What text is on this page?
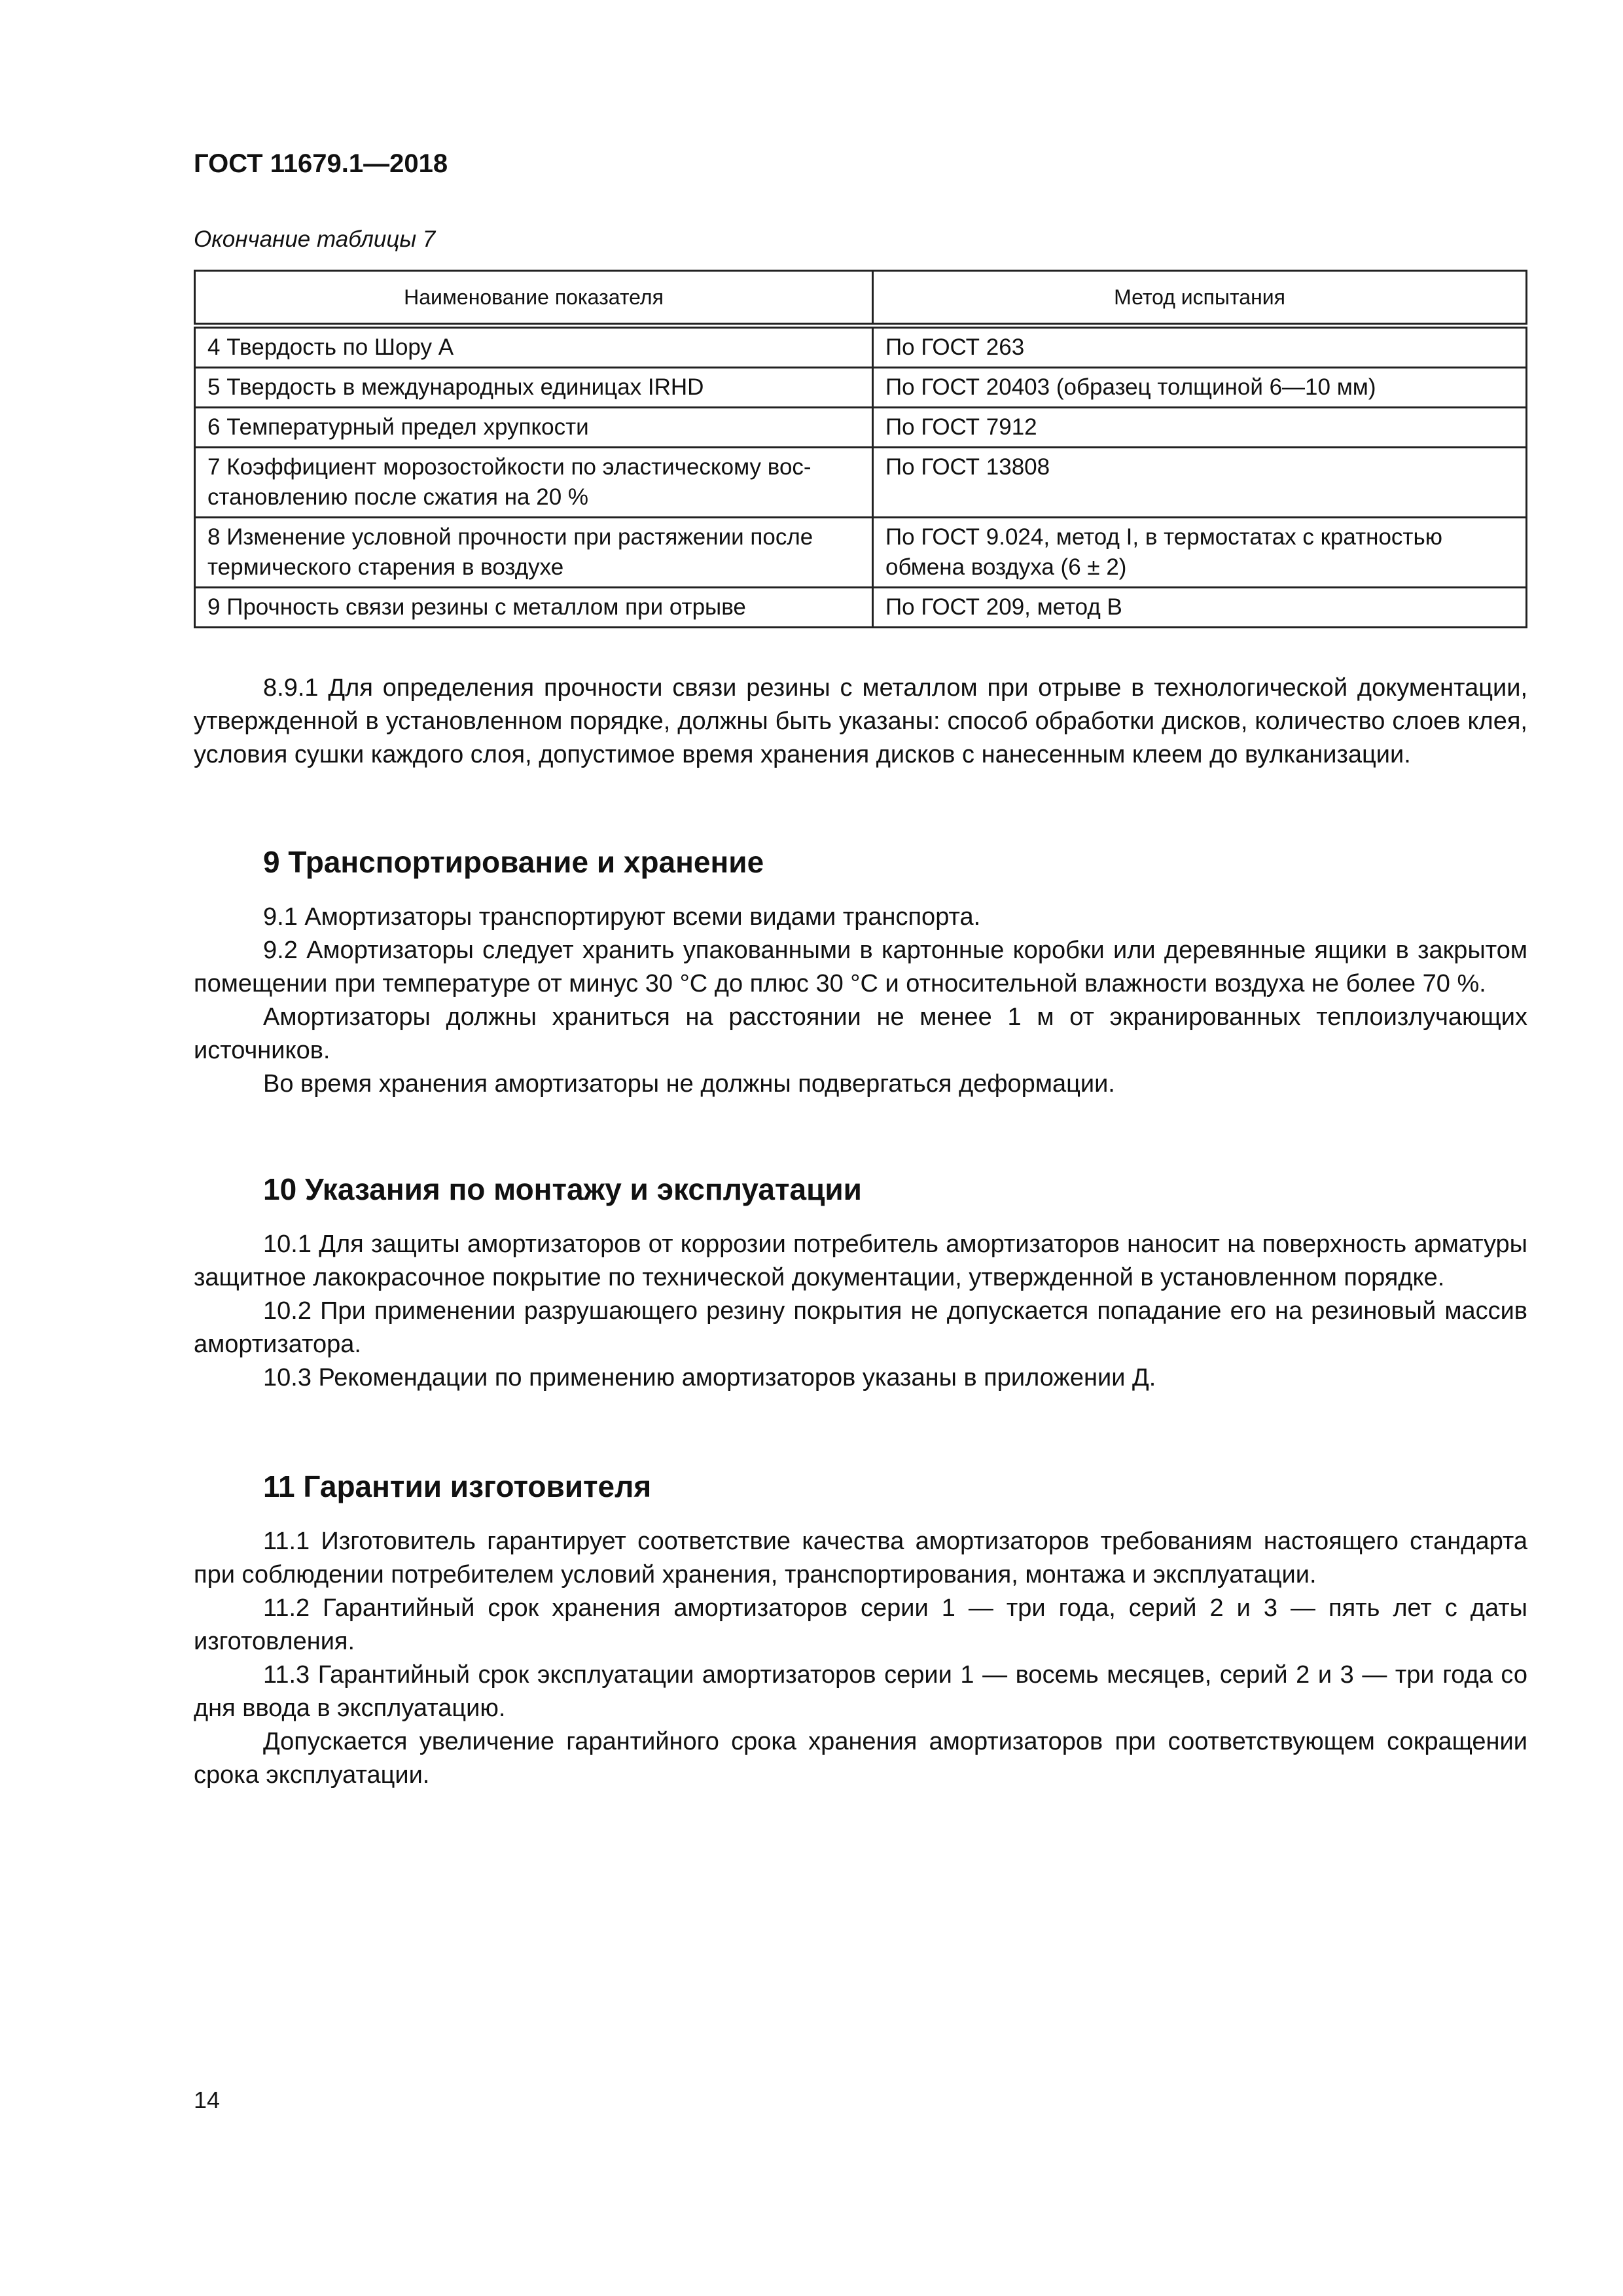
ГОСТ 11679.1—2018
Окончание таблицы 7
Наименование показателя	Метод испытания
4 Твердость по Шору А	По ГОСТ 263
5 Твердость в международных единицах IRHD	По ГОСТ 20403 (образец толщиной 6—10 мм)
6 Температурный предел хрупкости	По ГОСТ 7912
7 Коэффициент морозостойкости по эластическому вос-
становлению после сжатия на 20 %	По ГОСТ 13808
8 Изменение условной прочности при растяжении после термического старения в воздухе	По ГОСТ 9.024, метод I, в термостатах с кратностью обмена воздуха (6 ± 2)
9 Прочность связи резины с металлом при отрыве	По ГОСТ 209, метод В

8.9.1 Для определения прочности связи резины с металлом при отрыве в технологической документации, утвержденной в установленном порядке, должны быть указаны: способ обработки дисков, количество слоев клея, условия сушки каждого слоя, допустимое время хранения дисков с нанесенным клеем до вулканизации.

9 Транспортирование и хранение

9.1 Амортизаторы транспортируют всеми видами транспорта.

9.2 Амортизаторы следует хранить упакованными в картонные коробки или деревянные ящики в закрытом помещении при температуре от минус 30 °С до плюс 30 °С и относительной влажности воздуха не более 70 %.

Амортизаторы должны храниться на расстоянии не менее 1 м от экранированных теплоизлучающих источников.

Во время хранения амортизаторы не должны подвергаться деформации.

10 Указания по монтажу и эксплуатации

10.1 Для защиты амортизаторов от коррозии потребитель амортизаторов наносит на поверхность арматуры защитное лакокрасочное покрытие по технической документации, утвержденной в установленном порядке.

10.2 При применении разрушающего резину покрытия не допускается попадание его на резиновый массив амортизатора.

10.3 Рекомендации по применению амортизаторов указаны в приложении Д.

11 Гарантии изготовителя

11.1 Изготовитель гарантирует соответствие качества амортизаторов требованиям настоящего стандарта при соблюдении потребителем условий хранения, транспортирования, монтажа и эксплуатации.

11.2 Гарантийный срок хранения амортизаторов серии 1 — три года, серий 2 и 3 — пять лет с даты изготовления.

11.3 Гарантийный срок эксплуатации амортизаторов серии 1 — восемь месяцев, серий 2 и 3 — три года со дня ввода в эксплуатацию.

Допускается увеличение гарантийного срока хранения амортизаторов при соответствующем сокращении срока эксплуатации.

14
